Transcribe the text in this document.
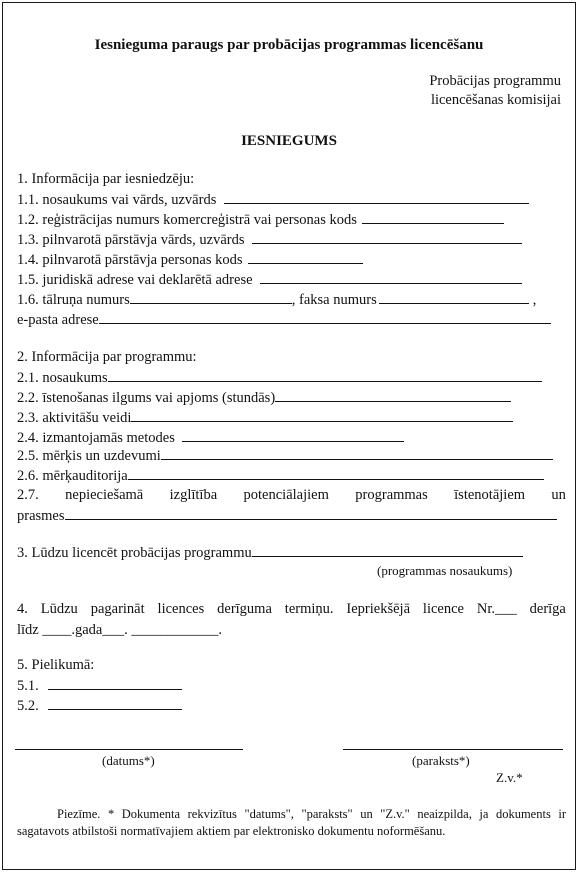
Iesnieguma paraugs par probācijas programmas licencēšanu
Probācijas programmu
licencēšanas komisijai
IESNIEGUMS
1. Informācija par iesniedzēju:
1.1. nosaukums vai vārds, uzvārds
1.2. reģistrācijas numurs komercreģistrā vai personas kods
1.3. pilnvarotā pārstāvja vārds, uzvārds
1.4. pilnvarotā pārstāvja personas kods
1.5. juridiskā adrese vai deklarētā adrese
1.6. tālruņa numurs	, faksa numurs	,
e-pasta adrese
2. Informācija par programmu:
2.1. nosaukums
2.2. īstenošanas ilgums vai apjoms (stundās)
2.3. aktivitāšu veidi
2.4. izmantojamās metodes
2.5. mērķis un uzdevumi
2.6. mērķauditorija
2.7. nepieciešamā izglītība potenciālajiem programmas īstenotājiem un
prasmes
3. Lūdzu licencēt probācijas programmu
(programmas nosaukums)
4. Lūdzu pagarināt licences derīguma termiņu. Iepriekšējā licence Nr.___ derīga
līdz ____.gada___. ____________.
5. Pielikumā:
5.1.
5.2.
(datums*)	(paraksts*)
Z.v.*
Piezīme. * Dokumenta rekvizītus "datums", "paraksts" un "Z.v." neaizpilda, ja dokuments ir sagatavots atbilstoši normatīvajiem aktiem par elektronisko dokumentu noformēšanu.
